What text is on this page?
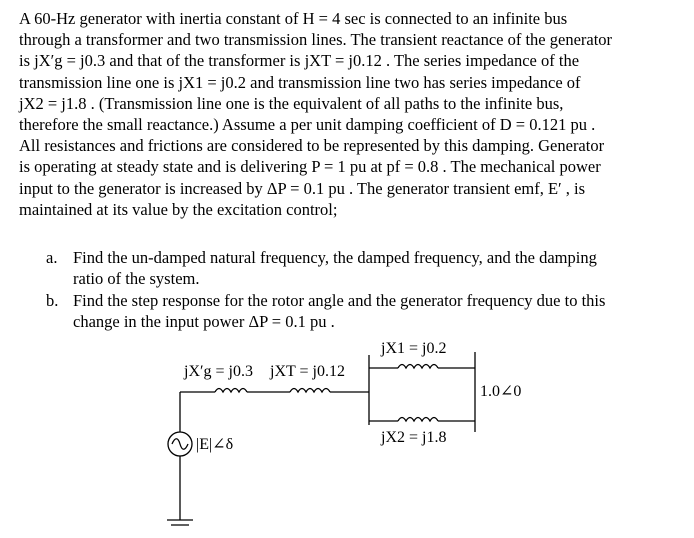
A 60-Hz generator with inertia constant of H = 4 sec is connected to an infinite bus
through a transformer and two transmission lines. The transient reactance of the generator
is jX′g = j0.3 and that of the transformer is jXT = j0.12 . The series impedance of the
transmission line one is jX1 = j0.2 and transmission line two has series impedance of
jX2 = j1.8 . (Transmission line one is the equivalent of all paths to the infinite bus,
therefore the small reactance.) Assume a per unit damping coefficient of D = 0.121 pu .
All resistances and frictions are considered to be represented by this damping. Generator
is operating at steady state and is delivering P = 1 pu at pf = 0.8 . The mechanical power
input to the generator is increased by ΔP = 0.1 pu . The generator transient emf, E′ , is
maintained at its value by the excitation control;
a. Find the un-damped natural frequency, the damped frequency, and the damping
ratio of the system.
b. Find the step response for the rotor angle and the generator frequency due to this
change in the input power ΔP = 0.1 pu .
jX′g = j0.3 jXT = j0.12
jX1 = j0.2
jX2 = j1.8
1.0∠0
|E|∠δ
